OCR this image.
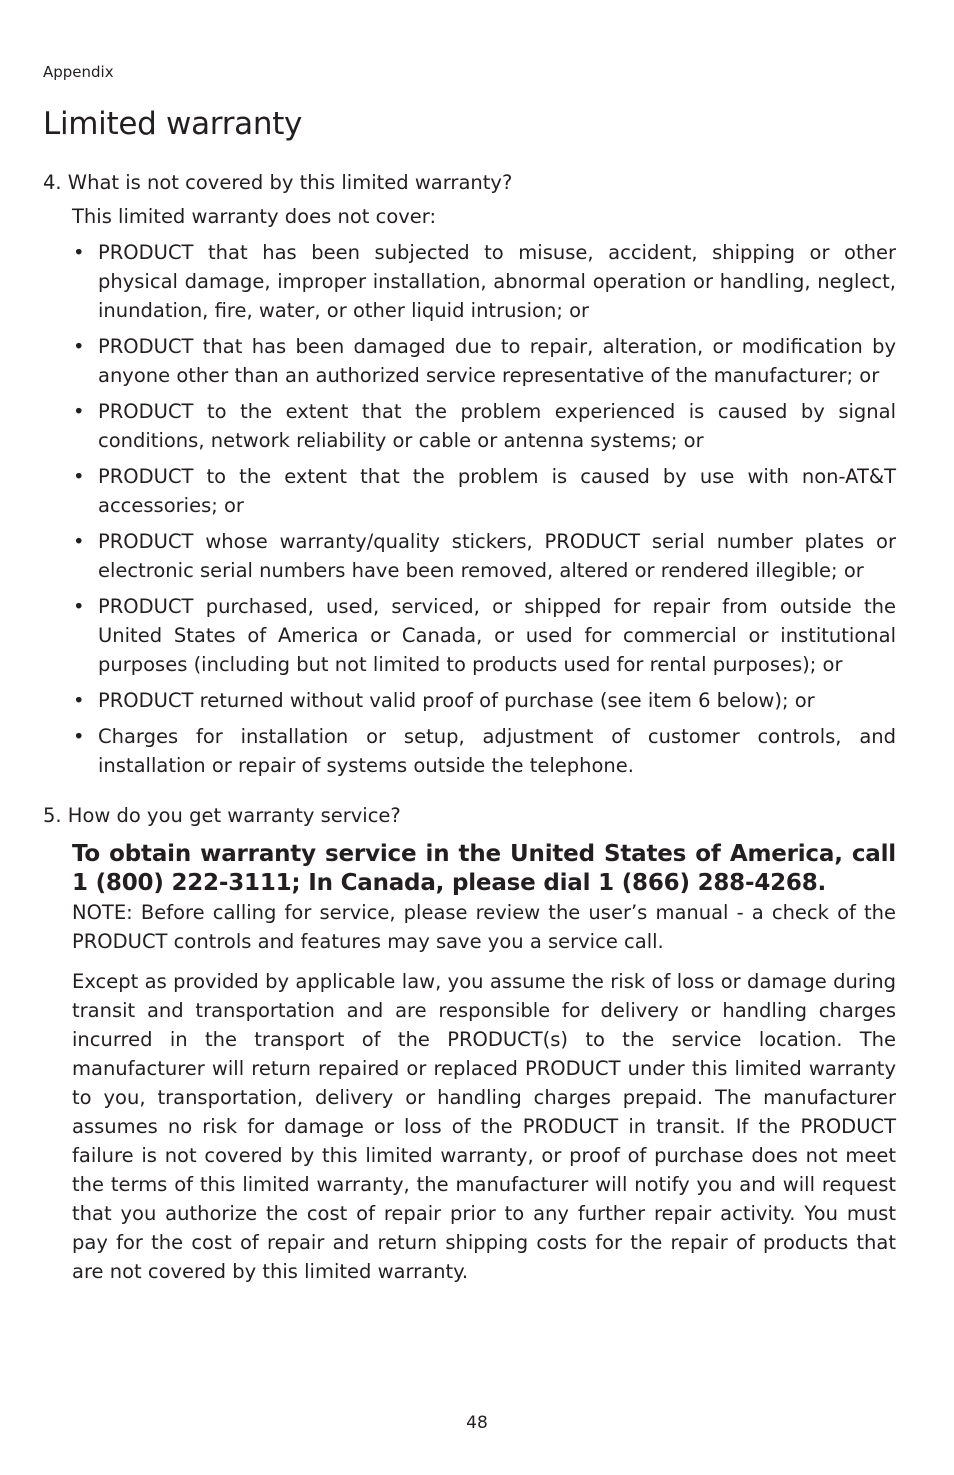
Appendix

Limited warranty

4. What is not covered by this limited warranty?

This limited warranty does not cover:

• PRODUCT that has been subjected to misuse, accident, shipping or other physical damage, improper installation, abnormal operation or handling, neglect, inundation, fire, water, or other liquid intrusion; or
• PRODUCT that has been damaged due to repair, alteration, or modification by anyone other than an authorized service representative of the manufacturer; or
• PRODUCT to the extent that the problem experienced is caused by signal conditions, network reliability or cable or antenna systems; or
• PRODUCT to the extent that the problem is caused by use with non-AT&T accessories; or
• PRODUCT whose warranty/quality stickers, PRODUCT serial number plates or electronic serial numbers have been removed, altered or rendered illegible; or
• PRODUCT purchased, used, serviced, or shipped for repair from outside the United States of America or Canada, or used for commercial or institutional purposes (including but not limited to products used for rental purposes); or
• PRODUCT returned without valid proof of purchase (see item 6 below); or
• Charges for installation or setup, adjustment of customer controls, and installation or repair of systems outside the telephone.

5. How do you get warranty service?

To obtain warranty service in the United States of America, call 1 (800) 222-3111; In Canada, please dial 1 (866) 288-4268.

NOTE: Before calling for service, please review the user’s manual - a check of the PRODUCT controls and features may save you a service call.

Except as provided by applicable law, you assume the risk of loss or damage during transit and transportation and are responsible for delivery or handling charges incurred in the transport of the PRODUCT(s) to the service location. The manufacturer will return repaired or replaced PRODUCT under this limited warranty to you, transportation, delivery or handling charges prepaid. The manufacturer assumes no risk for damage or loss of the PRODUCT in transit. If the PRODUCT failure is not covered by this limited warranty, or proof of purchase does not meet the terms of this limited warranty, the manufacturer will notify you and will request that you authorize the cost of repair prior to any further repair activity. You must pay for the cost of repair and return shipping costs for the repair of products that are not covered by this limited warranty.

48
